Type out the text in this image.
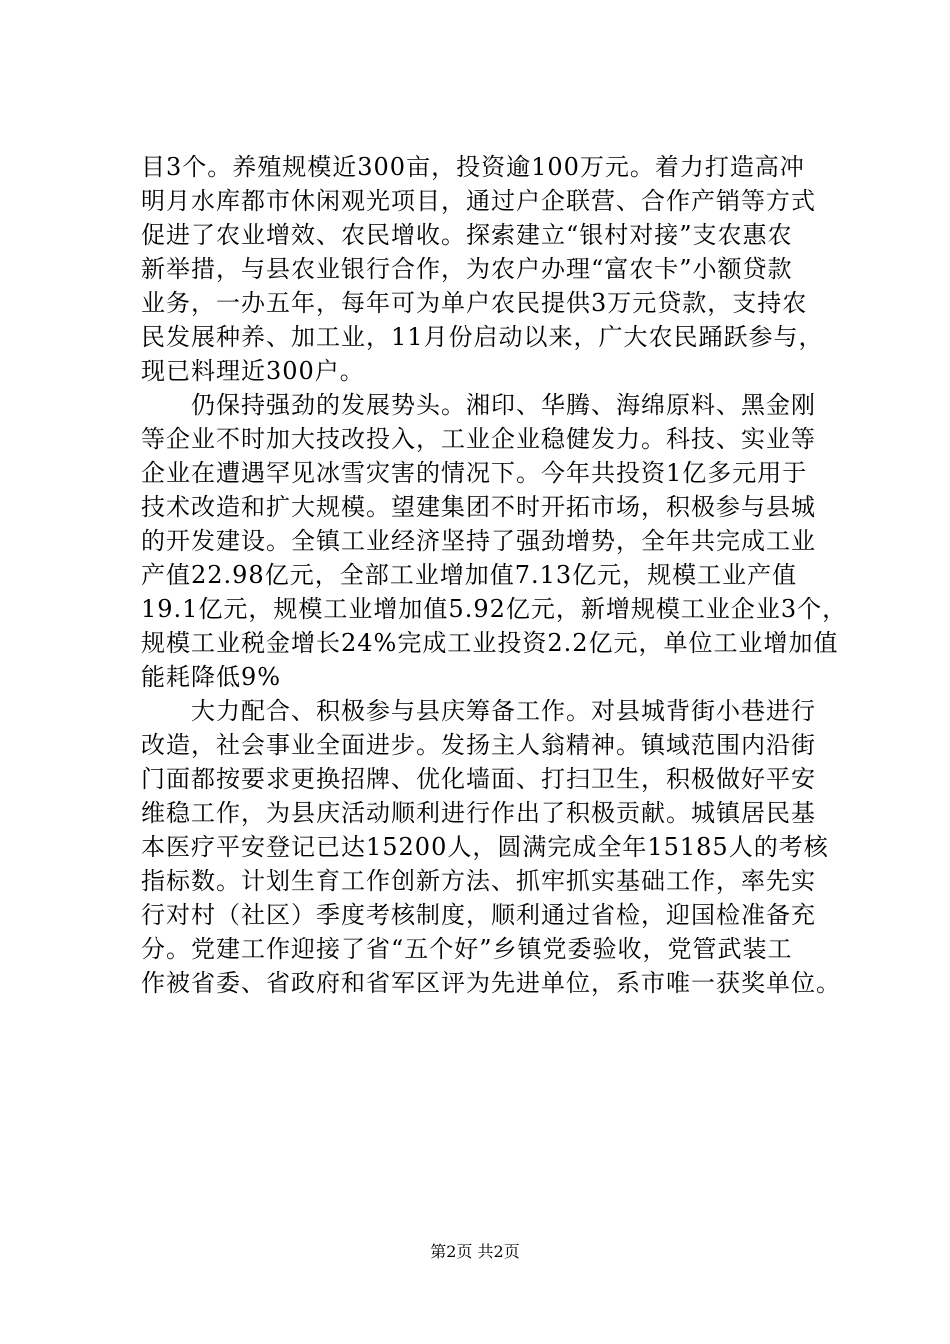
目3个。养殖规模近300亩，投资逾100万元。着力打造高冲
明月水库都市休闲观光项目，通过户企联营、合作产销等方式
促进了农业增效、农民增收。探索建立“银村对接”支农惠农
新举措，与县农业银行合作，为农户办理“富农卡”小额贷款
业务，一办五年，每年可为单户农民提供3万元贷款，支持农
民发展种养、加工业，11月份启动以来，广大农民踊跃参与，
现已料理近300户。
　　仍保持强劲的发展势头。湘印、华腾、海绵原料、黑金刚
等企业不时加大技改投入，工业企业稳健发力。科技、实业等
企业在遭遇罕见冰雪灾害的情况下。今年共投资1亿多元用于
技术改造和扩大规模。望建集团不时开拓市场，积极参与县城
的开发建设。全镇工业经济坚持了强劲增势，全年共完成工业
产值22.98亿元，全部工业增加值7.13亿元，规模工业产值
19.1亿元，规模工业增加值5.92亿元，新增规模工业企业3个，
规模工业税金增长24%完成工业投资2.2亿元，单位工业增加值
能耗降低9%
　　大力配合、积极参与县庆筹备工作。对县城背街小巷进行
改造，社会事业全面进步。发扬主人翁精神。镇域范围内沿街
门面都按要求更换招牌、优化墙面、打扫卫生，积极做好平安
维稳工作，为县庆活动顺利进行作出了积极贡献。城镇居民基
本医疗平安登记已达15200人，圆满完成全年15185人的考核
指标数。计划生育工作创新方法、抓牢抓实基础工作，率先实
行对村（社区）季度考核制度，顺利通过省检，迎国检准备充
分。党建工作迎接了省“五个好”乡镇党委验收，党管武装工
作被省委、省政府和省军区评为先进单位，系市唯一获奖单位。
第2页 共2页
